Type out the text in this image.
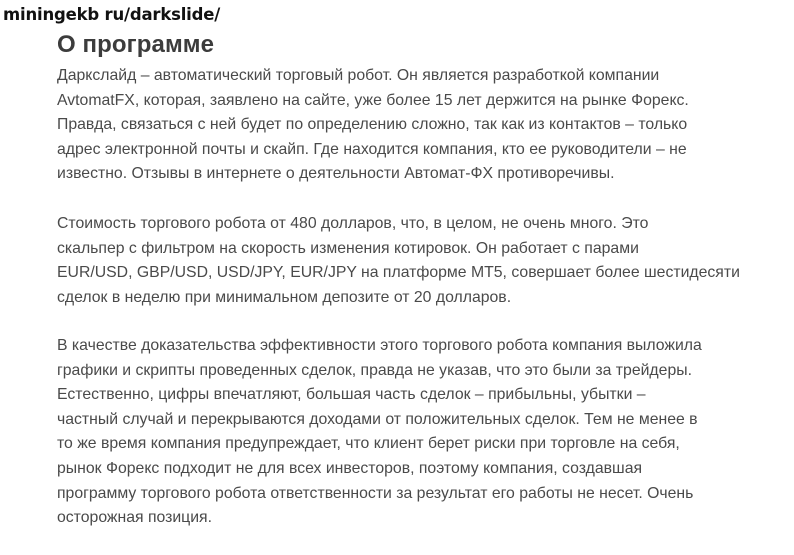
miningekb ru/darkslide/
О программе

Даркслайд – автоматический торговый робот. Он является разработкой компании
AvtomatFX, которая, заявлено на сайте, уже более 15 лет держится на рынке Форекс.
Правда, связаться с ней будет по определению сложно, так как из контактов – только
адрес электронной почты и скайп. Где находится компания, кто ее руководители – не
известно. Отзывы в интернете о деятельности Автомат-ФХ противоречивы.

Стоимость торгового робота от 480 долларов, что, в целом, не очень много. Это
скальпер с фильтром на скорость изменения котировок. Он работает с парами
EUR/USD, GBP/USD, USD/JPY, EUR/JPY на платформе МТ5, совершает более шестидесяти
сделок в неделю при минимальном депозите от 20 долларов.

В качестве доказательства эффективности этого торгового робота компания выложила
графики и скрипты проведенных сделок, правда не указав, что это были за трейдеры.
Естественно, цифры впечатляют, большая часть сделок – прибыльны, убытки –
частный случай и перекрываются доходами от положительных сделок. Тем не менее в
то же время компания предупреждает, что клиент берет риски при торговле на себя,
рынок Форекс подходит не для всех инвесторов, поэтому компания, создавшая
программу торгового робота ответственности за результат его работы не несет. Очень
осторожная позиция.
